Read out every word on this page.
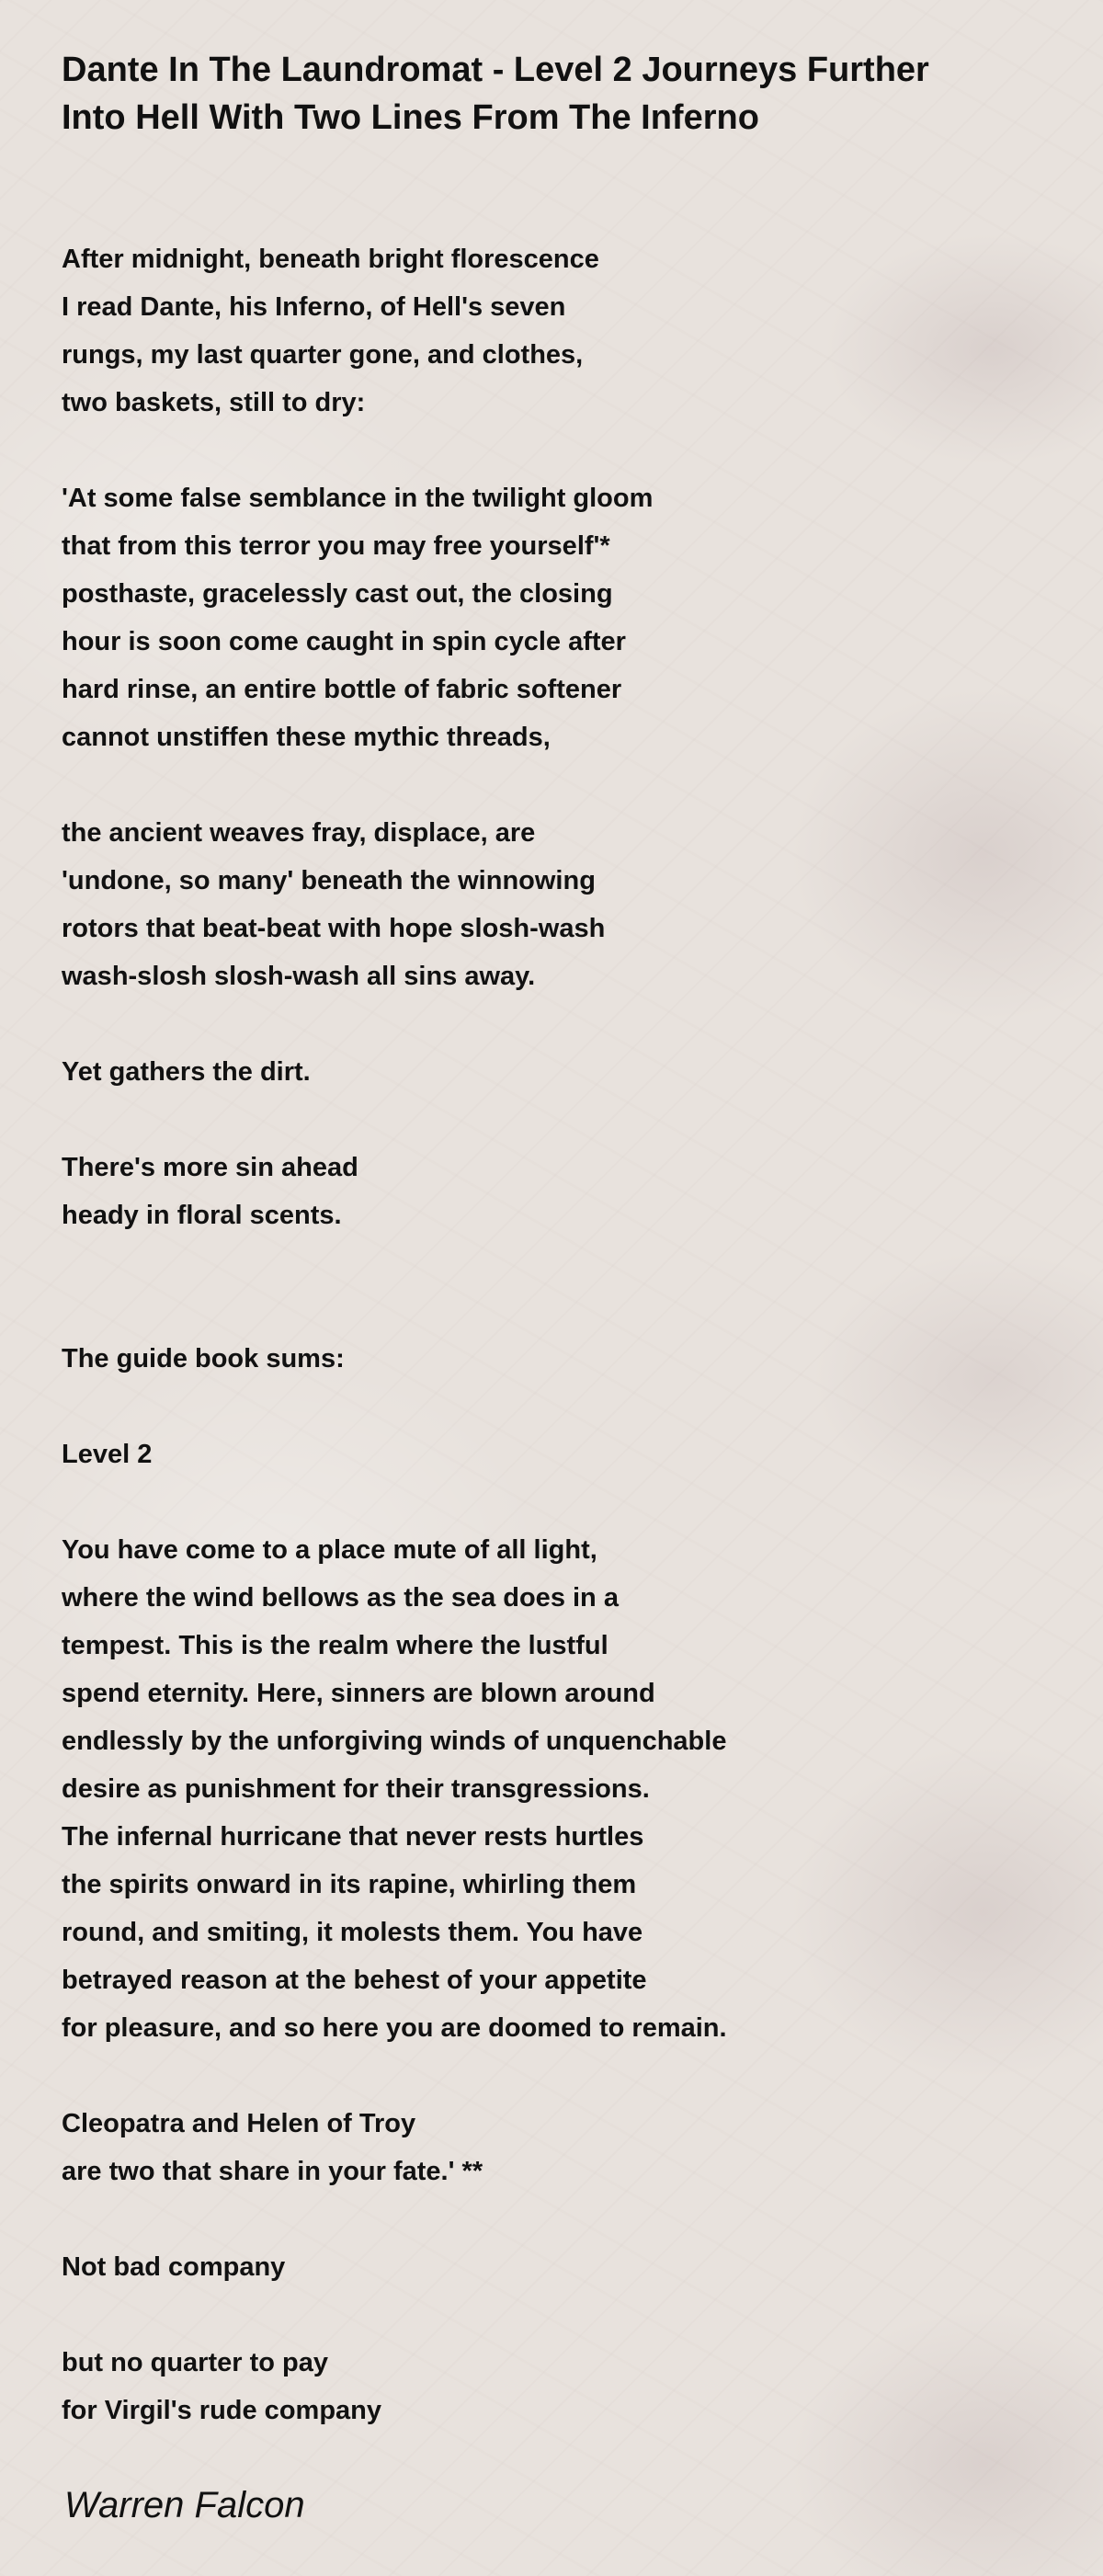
Dante In The Laundromat - Level 2 Journeys Further Into Hell With Two Lines From The Inferno
After midnight, beneath bright florescence
I read Dante, his Inferno, of Hell's seven
rungs, my last quarter gone, and clothes,
two baskets, still to dry:
'At some false semblance in the twilight gloom
that from this terror you may free yourself'*
posthaste, gracelessly cast out, the closing
hour is soon come caught in spin cycle after
hard rinse, an entire bottle of fabric softener
cannot unstiffen these mythic threads,
the ancient weaves fray, displace, are
'undone, so many' beneath the winnowing
rotors that beat-beat with hope slosh-wash
wash-slosh slosh-wash all sins away.
Yet gathers the dirt.
There's more sin ahead
heady in floral scents.
The guide book sums:
Level 2
You have come to a place mute of all light,
where the wind bellows as the sea does in a
tempest. This is the realm where the lustful
spend eternity. Here, sinners are blown around
endlessly by the unforgiving winds of unquenchable
desire as punishment for their transgressions.
The infernal hurricane that never rests hurtles
the spirits onward in its rapine, whirling them
round, and smiting, it molests them. You have
betrayed reason at the behest of your appetite
for pleasure, and so here you are doomed to remain.
Cleopatra and Helen of Troy
are two that share in your fate.' **
Not bad company
but no quarter to pay
for Virgil's rude company

Warren Falcon
